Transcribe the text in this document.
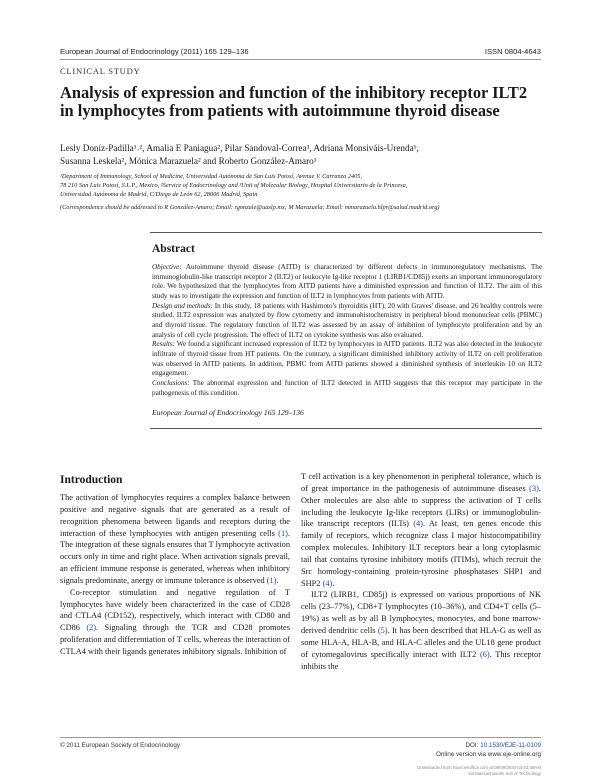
European Journal of Endocrinology (2011) 165 129–136	ISSN 0804-4643
CLINICAL STUDY
Analysis of expression and function of the inhibitory receptor ILT2 in lymphocytes from patients with autoimmune thyroid disease
Lesly Doníz-Padilla¹˒², Amalia E Paniagua², Pilar Sandoval-Correa³, Adriana Monsiváis-Urenda¹,
Susanna Leskela², Mónica Marazuela² and Roberto González-Amaro¹
¹Department of Immunology, School of Medicine, Universidad Autónoma de San Luis Potosí, Avenue V. Carranza 2405,
78 210 San Luis Potosí, S.L.P., Mexico, ²Service of Endocrinology and ³Unit of Molecular Biology, Hospital Universitario de la Princesa,
Universidad Autónoma de Madrid, C/Diego de León 62, 28006 Madrid, Spain
(Correspondence should be addressed to R González-Amaro; Email: rgonzale@uaslp.mx; M Marazuela; Email: mmarazuela.hlpr@salud.madrid.org)
Abstract

Objective: Autoimmune thyroid disease (AITD) is characterized by different defects in immunoregulatory mechanisms. The immunoglobulin-like transcript receptor 2 (ILT2) or leukocyte Ig-like receptor 1 (LIRB1/CD85j) exerts an important immunoregulatory role. We hypothesized that the lymphocytes from AITD patients have a diminished expression and function of ILT2. The aim of this study was to investigate the expression and function of ILT2 in lymphocytes from patients with AITD.

Design and methods: In this study, 18 patients with Hashimoto's thyroiditis (HT), 20 with Graves' disease, and 26 healthy controls were studied. ILT2 expression was analyzed by flow cytometry and immunohistochemistry in peripheral blood mononuclear cells (PBMC) and thyroid tissue. The regulatory function of ILT2 was assessed by an assay of inhibition of lymphocyte proliferation and by an analysis of cell cycle progression. The effect of ILT2 on cytokine synthesis was also evaluated.

Results: We found a significant increased expression of ILT2 by lymphocytes in AITD patients. ILT2 was also detected in the leukocyte infiltrate of thyroid tissue from HT patients. On the contrary, a significant diminished inhibitory activity of ILT2 on cell proliferation was observed in AITD patients. In addition, PBMC from AITD patients showed a diminished synthesis of interleukin 10 on ILT2 engagement.

Conclusions: The abnormal expression and function of ILT2 detected in AITD suggests that this receptor may participate in the pathogenesis of this condition.

European Journal of Endocrinology 165 129–136
Introduction

The activation of lymphocytes requires a complex balance between positive and negative signals that are generated as a result of recognition phenomena between ligands and receptors during the interaction of these lymphocytes with antigen presenting cells (1). The integration of these signals ensures that T lymphocyte activation occurs only in time and right place. When activation signals prevail, an efficient immune response is generated, whereas when inhibitory signals predominate, anergy or immune tolerance is observed (1).

Co-receptor stimulation and negative regulation of T lymphocytes have widely been characterized in the case of CD28 and CTLA4 (CD152), respectively, which interact with CD80 and CD86 (2). Signaling through the TCR and CD28 promotes proliferation and differentiation of T cells, whereas the interaction of CTLA4 with their ligands generates inhibitory signals. Inhibition of

T cell activation is a key phenomenon in peripheral tolerance, which is of great importance in the pathogenesis of autoimmune diseases (3). Other molecules are also able to suppress the activation of T cells including the leukocyte Ig-like receptors (LIRs) or immunoglobulin-like transcript receptors (ILTs) (4). At least, ten genes encode this family of receptors, which recognize class I major histocompatibility complex molecules. Inhibitory ILT receptors bear a long cytoplasmic tail that contains tyrosine inhibitory motifs (ITIMs), which recruit the Src homology-containing protein-tyrosine phosphatases SHP1 and SHP2 (4).

ILT2 (LIRB1, CD85j) is expressed on various proportions of NK cells (23–77%), CD8+T lymphocytes (10–36%), and CD4+T cells (5–19%) as well as by all B lymphocytes, monocytes, and bone marrow-derived dendritic cells (5). It has been described that HLA-G as well as some HLA-A, HLA-B, and HLA-C alleles and the UL18 gene product of cytomegalovirus specifically interact with ILT2 (6). This receptor inhibits the

© 2011 European Society of Endocrinology	DOI: 10.1530/EJE-11-0109
Online version via www.eje-online.org
Downloaded from Bioscientifica.com at 08/09/2020 04:53:49AM
via Massachusetts Inst of Technology
